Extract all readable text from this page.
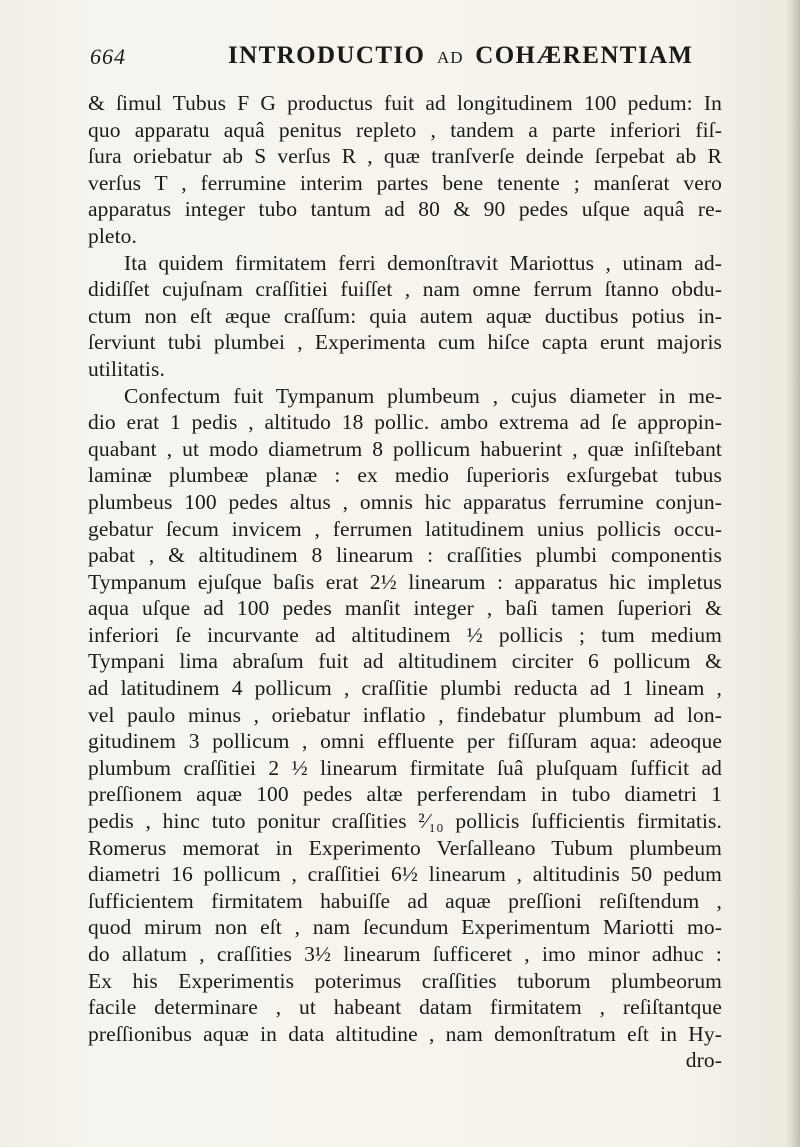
664	INTRODUCTIO AD COHÆRENTIAM
& ſimul Tubus F G productus fuit ad longitudinem 100 pedum: In
quo apparatu aquâ penitus repleto , tandem a parte inferiori fiſ-
ſura oriebatur ab S verſus R , quæ tranſverſe deinde ſerpebat ab R
verſus T , ferrumine interim partes bene tenente ; manſerat vero
apparatus integer tubo tantum ad 80 & 90 pedes uſque aquâ re-
pleto.
Ita quidem firmitatem ferri demonſtravit Mariottus , utinam ad-
didiſſet cujuſnam craſſitiei fuiſſet , nam omne ferrum ſtanno obdu-
ctum non eſt æque craſſum: quia autem aquæ ductibus potius in-
ſerviunt tubi plumbei , Experimenta cum hiſce capta erunt majoris
utilitatis.
Confectum fuit Tympanum plumbeum , cujus diameter in me-
dio erat 1 pedis , altitudo 18 pollic. ambo extrema ad ſe appropin-
quabant , ut modo diametrum 8 pollicum habuerint , quæ inſiſtebant
laminæ plumbeæ planæ : ex medio ſuperioris exſurgebat tubus
plumbeus 100 pedes altus , omnis hic apparatus ferrumine conjun-
gebatur ſecum invicem , ferrumen latitudinem unius pollicis occu-
pabat , & altitudinem 8 linearum : craſſities plumbi componentis
Tympanum ejuſque baſis erat 2½ linearum : apparatus hic impletus
aqua uſque ad 100 pedes manſit integer , baſi tamen ſuperiori &
inferiori ſe incurvante ad altitudinem ½ pollicis ; tum medium
Tympani lima abraſum fuit ad altitudinem circiter 6 pollicum &
ad latitudinem 4 pollicum , craſſitie plumbi reducta ad 1 lineam ,
vel paulo minus , oriebatur inflatio , findebatur plumbum ad lon-
gitudinem 3 pollicum , omni effluente per fiſſuram aqua: adeoque
plumbum craſſitiei 2 ½ linearum firmitate ſuâ pluſquam ſufficit ad
preſſionem aquæ 100 pedes altæ perferendam in tubo diametri 1
pedis , hinc tuto ponitur craſſities ²⁄₁₀ pollicis ſufficientis firmitatis.
Romerus memorat in Experimento Verſalleano Tubum plumbeum
diametri 16 pollicum , craſſitiei 6½ linearum , altitudinis 50 pedum
ſufficientem firmitatem habuiſſe ad aquæ preſſioni reſiſtendum ,
quod mirum non eſt , nam ſecundum Experimentum Mariotti mo-
do allatum , craſſities 3½ linearum ſufficeret , imo minor adhuc :
Ex his Experimentis poterimus craſſities tuborum plumbeorum
facile determinare , ut habeant datam firmitatem , reſiſtantque
preſſionibus aquæ in data altitudine , nam demonſtratum eſt in Hy-
dro-
